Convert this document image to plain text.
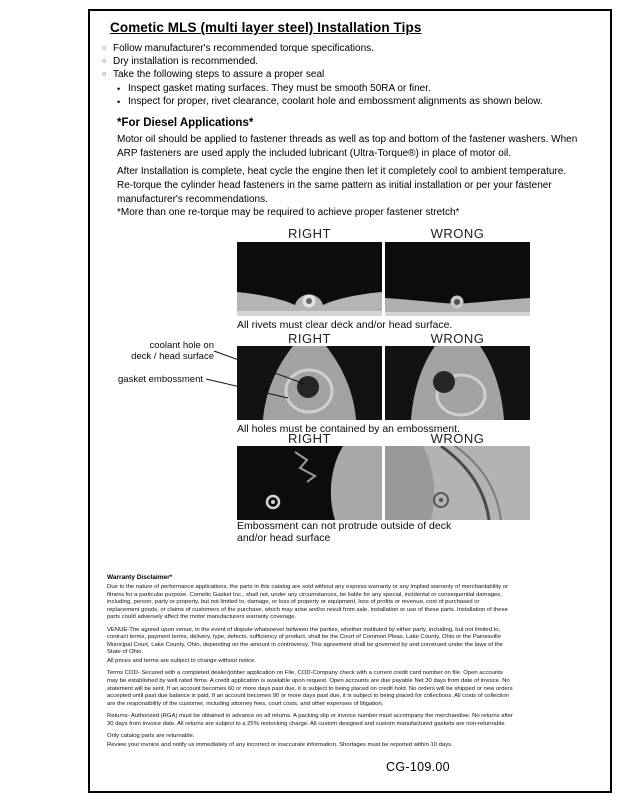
Cometic MLS (multi layer steel) Installation Tips
○ Follow manufacturer's recommended torque specifications.
○ Dry installation is recommended.
○ Take the following steps to assure a proper seal
• Inspect gasket mating surfaces. They must be smooth 50RA or finer.
• Inspect for proper, rivet clearance, coolant hole and embossment alignments as shown below.
*For Diesel Applications*
Motor oil should be applied to fastener threads as well as top and bottom of the fastener washers. When ARP fasteners are used apply the included lubricant (Ultra-Torque®) in place of motor oil.
After Installation is complete, heat cycle the engine then let it completely cool to ambient temperature. Re-torque the cylinder head fasteners in the same pattern as initial installation or per your fastener manufacturer's recommendations.
*More than one re-torque may be required to achieve proper fastener stretch*
RIGHT	WRONG
All rivets must clear deck and/or head surface.
RIGHT	WRONG
coolant hole on deck / head surface
gasket embossment
All holes must be contained by an embossment.
RIGHT	WRONG
Embossment can not protrude outside of deck and/or head surface
Warranty Disclaimer*

Due to the nature of performance applications, the parts in this catalog are sold without any express warranty or any implied warranty of merchantability or fitness for a particular purpose. Cometic Gasket Inc., shall not, under any circumstances, be liable for any special, incidental or consequential damages, including, person, party or property, but not limited to, damage, or loss of property or equipment, loss of profits or revenue, cost of purchased or replacement goods, or claims of customers of the purchase, which may arise and/or result from sale, installation or use of these parts. Installation of these parts could adversely affect the motor manufacturers warranty coverage.

VENUE-The agreed upon venue, in the event of dispute whatsoever between the parties, whether instituted by either party, including, but not limited to, contract terms, payment terms, delivery, type, defects, sufficiency of product, shall be the Court of Common Pleas, Lake County, Ohio or the Painesville Municipal Court, Lake County, Ohio, depending on the amount in controversy. This agreement shall be governed by and construed under the laws of the State of Ohio.

All prices and terms are subject to change without notice.

Terms COD- Secured with a completed dealer/jobber application on File, COD-Company check with a current credit card number on file. Open accounts may be established by well rated firms. A credit application is available upon request. Open accounts are due payable Net 30 days from date of invoice. No statement will be sent. If an account becomes 60 or more days past due, it is subject to being placed on credit hold. No orders will be shipped or new orders accepted until past due balance is paid. If an account becomes 90 or more days past due, it is subject to being placed for collections. All costs of collection are the responsibility of the customer, including attorney fees, court costs, and other expenses of litigation.

Returns- Authorized (RGA) must be obtained in advance on all returns. A packing slip or invoice number must accompany the merchandise. No returns after 30 days from invoice date. All returns are subject to a 25% restocking charge. All custom designed and custom manufactured gaskets are non-returnable.

Only catalog parts are returnable.

Review your invoice and notify us immediately of any incorrect or inaccurate information. Shortages must be reported within 10 days.

CG-109.00
